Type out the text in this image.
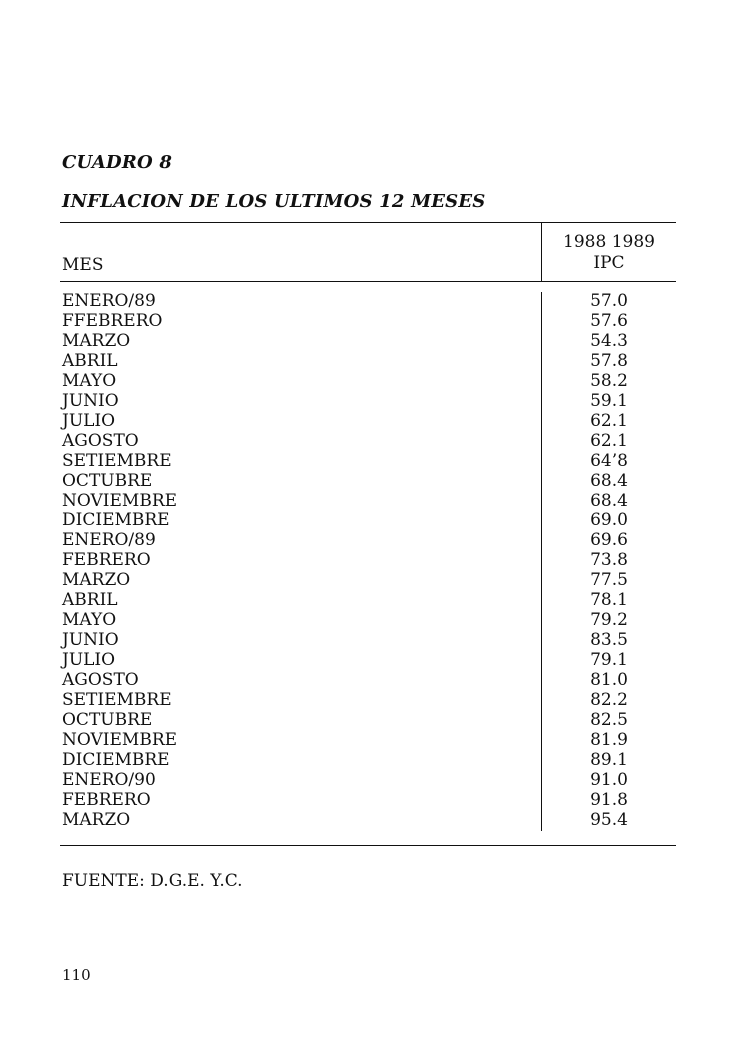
CUADRO 8
INFLACION DE LOS ULTIMOS 12 MESES
MES
1988 1989
IPC
ENERO/89
FFEBRERO
MARZO
ABRIL
MAYO
JUNIO
JULIO
AGOSTO
SETIEMBRE
OCTUBRE
NOVIEMBRE
DICIEMBRE
ENERO/89
FEBRERO
MARZO
ABRIL
MAYO
JUNIO
JULIO
AGOSTO
SETIEMBRE
OCTUBRE
NOVIEMBRE
DICIEMBRE
ENERO/90
FEBRERO
MARZO
57.0
57.6
54.3
57.8
58.2
59.1
62.1
62.1
64’8
68.4
68.4
69.0
69.6
73.8
77.5
78.1
79.2
83.5
79.1
81.0
82.2
82.5
81.9
89.1
91.0
91.8
95.4
FUENTE: D.G.E. Y.C.
110
